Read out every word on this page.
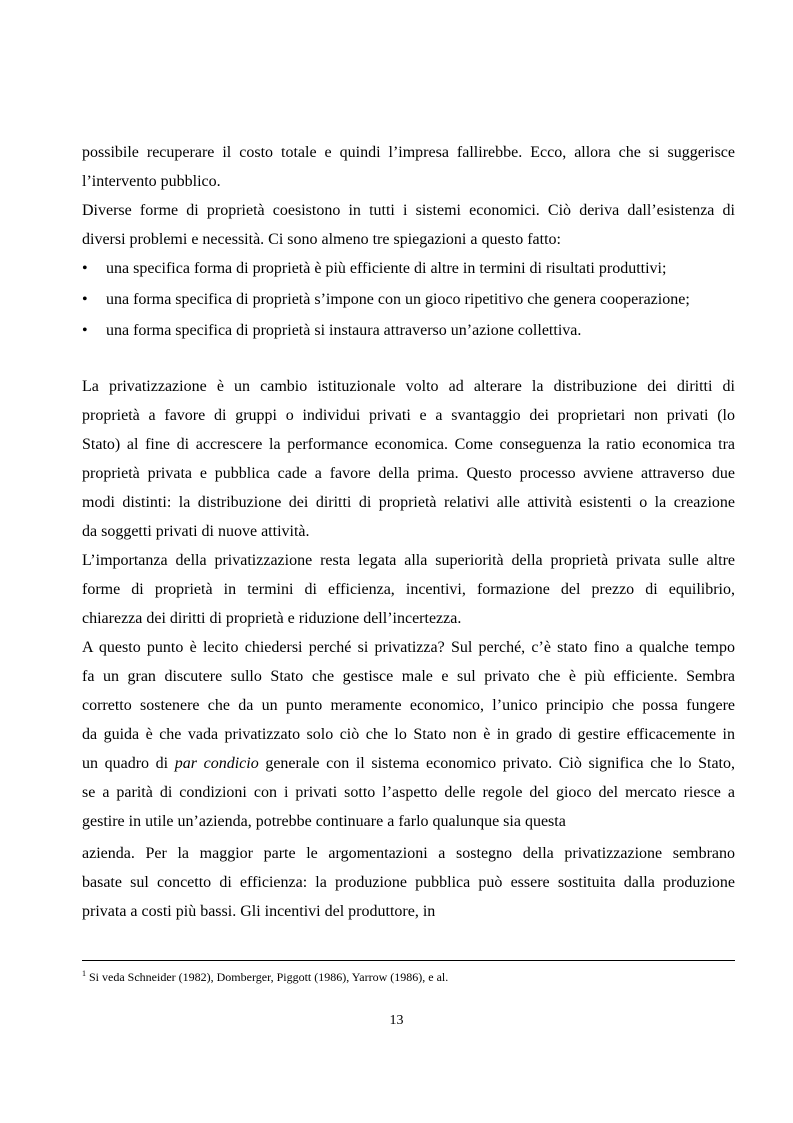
possibile recuperare il costo totale e quindi l’impresa fallirebbe. Ecco, allora che si suggerisce
l’intervento pubblico.
Diverse forme di proprietà coesistono in tutti i sistemi economici. Ciò deriva dall’esistenza di
diversi problemi e necessità. Ci sono almeno tre spiegazioni a questo fatto:
• una specifica forma di proprietà è più efficiente di altre in termini di risultati produttivi;
• una forma specifica di proprietà s’impone con un gioco ripetitivo che genera cooperazione;
• una forma specifica di proprietà si instaura attraverso un’azione collettiva.
La privatizzazione è un cambio istituzionale volto ad alterare la distribuzione dei diritti di
proprietà a favore di gruppi o individui privati e a svantaggio dei proprietari non privati (lo
Stato) al fine di accrescere la performance economica. Come conseguenza la ratio economica tra
proprietà privata e pubblica cade a favore della prima. Questo processo avviene attraverso due
modi distinti: la distribuzione dei diritti di proprietà relativi alle attività esistenti o la creazione
da soggetti privati di nuove attività.
L’importanza della privatizzazione resta legata alla superiorità della proprietà privata sulle altre
forme di proprietà in termini di efficienza, incentivi, formazione del prezzo di equilibrio,
chiarezza dei diritti di proprietà e riduzione dell’incertezza.
A questo punto è lecito chiedersi perché si privatizza? Sul perché, c’è stato fino a qualche tempo
fa un gran discutere sullo Stato che gestisce male e sul privato che è più efficiente. Sembra
corretto sostenere che da un punto meramente economico, l’unico principio che possa fungere
da guida è che vada privatizzato solo ciò che lo Stato non è in grado di gestire efficacemente in
un quadro di par condicio generale con il sistema economico privato. Ciò significa che lo Stato,
se a parità di condizioni con i privati sotto l’aspetto delle regole del gioco del mercato riesce a
gestire in utile un’azienda, potrebbe continuare a farlo qualunque sia questa
azienda. Per la maggior parte le argomentazioni a sostegno della privatizzazione sembrano
basate sul concetto di efficienza: la produzione pubblica può essere sostituita dalla produzione
privata a costi più bassi. Gli incentivi del produttore, in
$^1$ Si veda Schneider (1982), Domberger, Piggott (1986), Yarrow (1986), e al.
13
